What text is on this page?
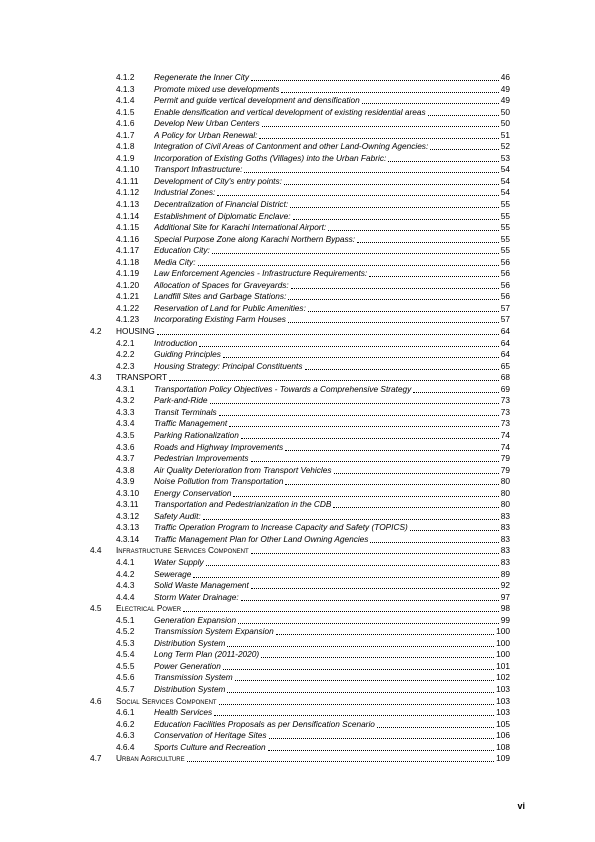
4.1.2	Regenerate the Inner City	46
4.1.3	Promote mixed use developments	49
4.1.4	Permit and guide vertical development and densification	49
4.1.5	Enable densification and vertical development of existing residential areas	50
4.1.6	Develop New Urban Centers	50
4.1.7	A Policy for Urban Renewal:	51
4.1.8	Integration of Civil Areas of Cantonment and other Land-Owning Agencies:	52
4.1.9	Incorporation of Existing Goths (Villages) into the Urban Fabric:	53
4.1.10	Transport Infrastructure:	54
4.1.11	Development of City's entry points:	54
4.1.12	Industrial Zones:	54
4.1.13	Decentralization of Financial District:	55
4.1.14	Establishment of Diplomatic Enclave:	55
4.1.15	Additional Site for Karachi International Airport:	55
4.1.16	Special Purpose Zone along Karachi Northern Bypass:	55
4.1.17	Education City:	55
4.1.18	Media City:	56
4.1.19	Law Enforcement Agencies - Infrastructure Requirements:	56
4.1.20	Allocation of Spaces for Graveyards:	56
4.1.21	Landfill Sites and Garbage Stations:	56
4.1.22	Reservation of Land for Public Amenities:	57
4.1.23	Incorporating Existing Farm Houses	57
4.2	HOUSING	64
4.2.1	Introduction	64
4.2.2	Guiding Principles	64
4.2.3	Housing Strategy: Principal Constituents	65
4.3	TRANSPORT	68
4.3.1	Transportation Policy Objectives - Towards a Comprehensive Strategy	69
4.3.2	Park-and-Ride	73
4.3.3	Transit Terminals	73
4.3.4	Traffic Management	73
4.3.5	Parking Rationalization	74
4.3.6	Roads and Highway Improvements	74
4.3.7	Pedestrian Improvements	79
4.3.8	Air Quality Deterioration from Transport Vehicles	79
4.3.9	Noise Pollution from Transportation	80
4.3.10	Energy Conservation	80
4.3.11	Transportation and Pedestrianization in the CDB	80
4.3.12	Safety Audit:	83
4.3.13	Traffic Operation Program to Increase Capacity and Safety (TOPICS)	83
4.3.14	Traffic Management Plan for Other Land Owning Agencies	83
4.4	Infrastructure Services Component	83
4.4.1	Water Supply	83
4.4.2	Sewerage	89
4.4.3	Solid Waste Management	92
4.4.4	Storm Water Drainage:	97
4.5	Electrical Power	98
4.5.1	Generation Expansion	99
4.5.2	Transmission System Expansion	100
4.5.3	Distribution System	100
4.5.4	Long Term Plan (2011-2020)	100
4.5.5	Power Generation	101
4.5.6	Transmission System	102
4.5.7	Distribution System	103
4.6	Social Services Component	103
4.6.1	Health Services	103
4.6.2	Education Facilities Proposals as per Densification Scenario	105
4.6.3	Conservation of Heritage Sites	106
4.6.4	Sports Culture and Recreation	108
4.7	Urban Agriculture	109
vi
